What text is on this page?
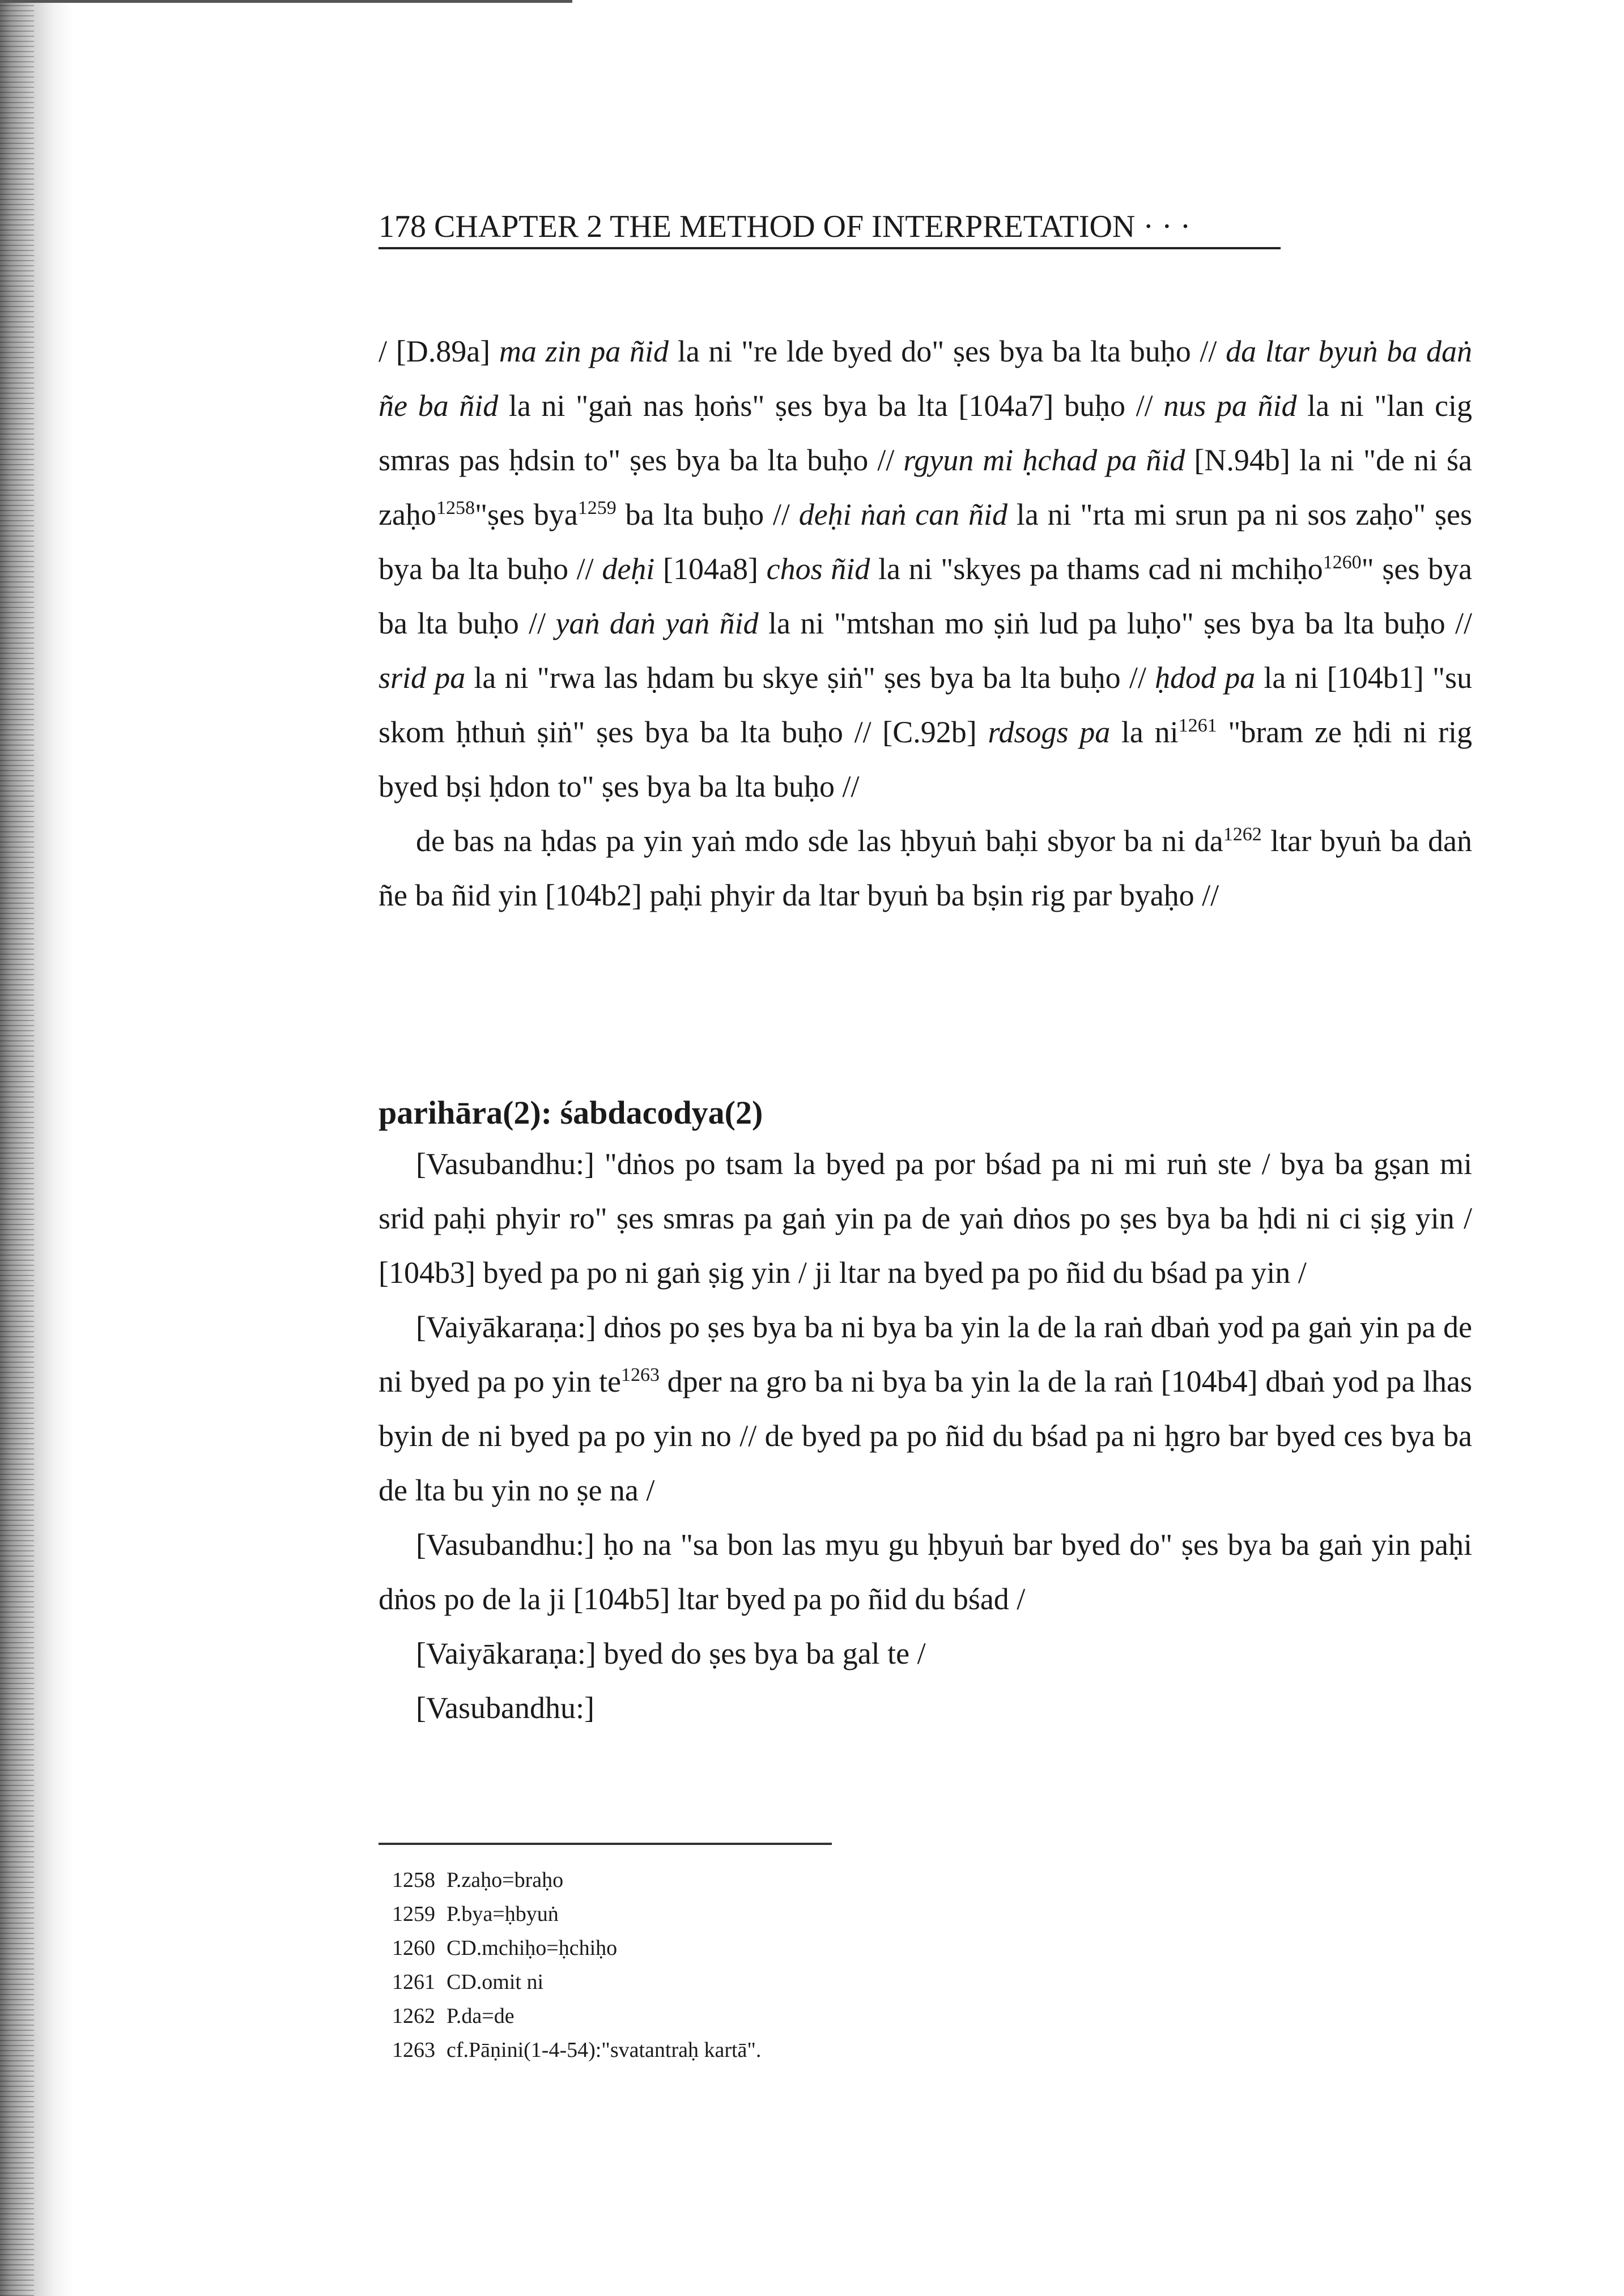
178 CHAPTER 2 THE METHOD OF INTERPRETATION · · ·

/ [D.89a] ma zin pa ñid la ni "re lde byed do" ṣes bya ba lta buḥo // da ltar byuṅ ba daṅ ñe ba ñid la ni "gaṅ nas ḥoṅs" ṣes bya ba lta [104a7] buḥo // nus pa ñid la ni "lan cig smras pas ḥdsin to" ṣes bya ba lta buḥo // rgyun mi ḥchad pa ñid [N.94b] la ni "de ni śa zaḥo$^{1258}$"ṣes bya$^{1259}$ ba lta buḥo // deḥi ṅaṅ can ñid la ni "rta mi srun pa ni sos zaḥo" ṣes bya ba lta buḥo // deḥi [104a8] chos ñid la ni "skyes pa thams cad ni mchiḥo$^{1260}$" ṣes bya ba lta buḥo // yaṅ daṅ yaṅ ñid la ni "mtshan mo ṣiṅ lud pa luḥo" ṣes bya ba lta buḥo // srid pa la ni "rwa las ḥdam bu skye ṣiṅ" ṣes bya ba lta buḥo // ḥdod pa la ni [104b1] "su skom ḥthuṅ ṣiṅ" ṣes bya ba lta buḥo // [C.92b] rdsogs pa la $ni^{1261}$ "bram ze ḥdi ni rig byed bṣi ḥdon to" ṣes bya ba lta buḥo //

de bas na ḥdas pa yin yaṅ mdo sde las ḥbyuṅ baḥi sbyor ba ni $da^{1262}$ ltar byuṅ ba daṅ ñe ba ñid yin [104b2] paḥi phyir da ltar byuṅ ba bṣin rig par byaḥo //

parihāra(2): śabdacodya(2)

[Vasubandhu:] "dṅos po tsam la byed pa por bśad pa ni mi ruṅ ste / bya ba gṣan mi srid paḥi phyir ro" ṣes smras pa gaṅ yin pa de yaṅ dṅos po ṣes bya ba ḥdi ni ci ṣig yin / [104b3] byed pa po ni gaṅ ṣig yin / ji ltar na byed pa po ñid du bśad pa yin /

[Vaiyākaraṇa:] dṅos po ṣes bya ba ni bya ba yin la de la raṅ dbaṅ yod pa gaṅ yin pa de ni byed pa po yin $te^{1263}$ dper na gro ba ni bya ba yin la de la raṅ [104b4] dbaṅ yod pa lhas byin de ni byed pa po yin no // de byed pa po ñid du bśad pa ni ḥgro bar byed ces bya ba de lta bu yin no ṣe na /

[Vasubandhu:] ḥo na "sa bon las myu gu ḥbyuṅ bar byed do" ṣes bya ba gaṅ yin paḥi dṅos po de la ji [104b5] ltar byed pa po ñid du bśad /

[Vaiyākaraṇa:] byed do ṣes bya ba gal te /

[Vasubandhu:]

1258 P.zaḥo=braḥo
1259 P.bya=ḥbyuṅ
1260 CD.mchiḥo=ḥchiḥo
1261 CD.omit ni
1262 P.da=de
1263 cf.Pāṇini(1-4-54):"svatantraḥ kartā".
